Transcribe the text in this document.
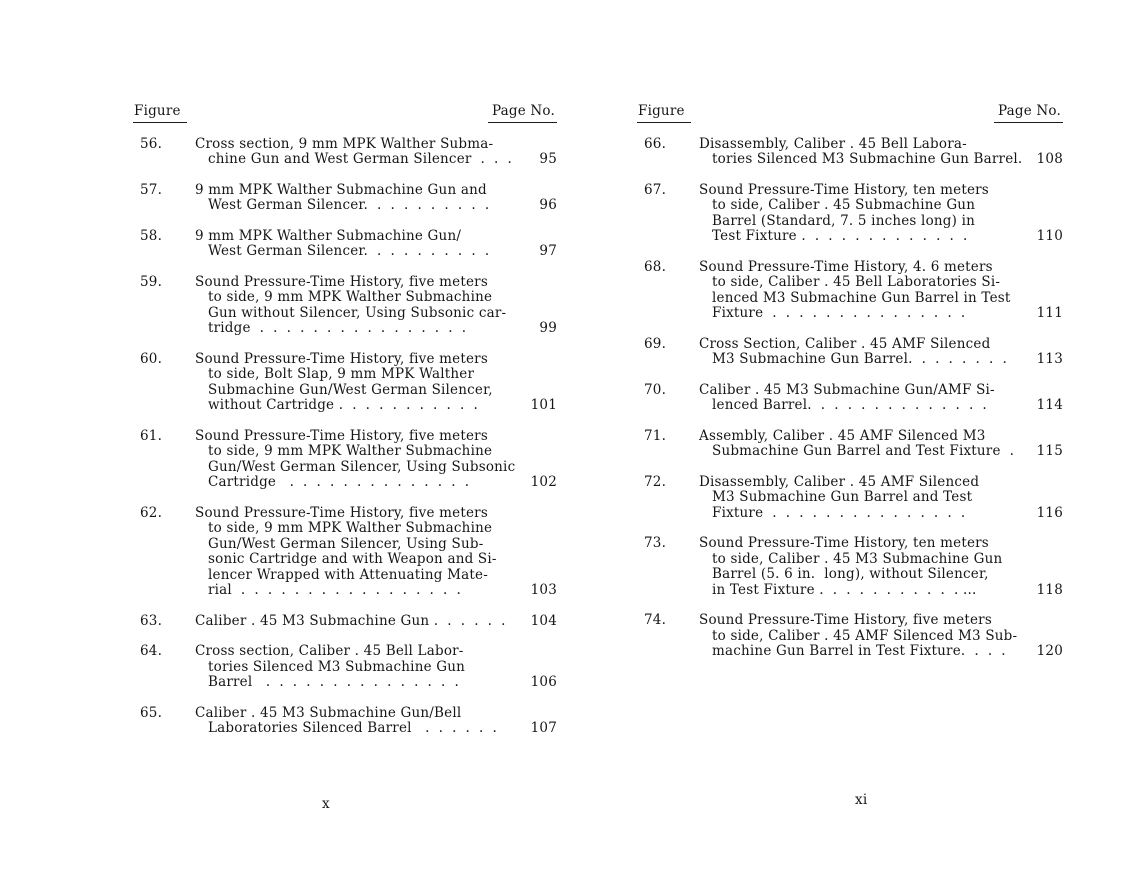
Figure	Page No.
56.	Cross section, 9 mm MPK Walther Subma-
chine Gun and West German Silencer  .  .  .	95
57.	9 mm MPK Walther Submachine Gun and
West German Silencer.  .  .  .  .  .  .  .  .  .	96
58.	9 mm MPK Walther Submachine Gun/
West German Silencer.  .  .  .  .  .  .  .  .  .	97
59.	Sound Pressure-Time History, five meters
to side, 9 mm MPK Walther Submachine
Gun without Silencer, Using Subsonic car-
tridge  .  .  .  .  .  .  .  .  .  .  .  .  .  .  .  .	99
60.	Sound Pressure-Time History, five meters
to side, Bolt Slap, 9 mm MPK Walther
Submachine Gun/West German Silencer,
without Cartridge .  .  .  .  .  .  .  .  .  .  .	101
61.	Sound Pressure-Time History, five meters
to side, 9 mm MPK Walther Submachine
Gun/West German Silencer, Using Subsonic
Cartridge   .  .  .  .  .  .  .  .  .  .  .  .  .  .	102
62.	Sound Pressure-Time History, five meters
to side, 9 mm MPK Walther Submachine
Gun/West German Silencer, Using Sub-
sonic Cartridge and with Weapon and Si-
lencer Wrapped with Attenuating Mate-
rial  .  .  .  .  .  .  .  .  .  .  .  .  .  .  .  .  .	103
63.	Caliber . 45 M3 Submachine Gun .  .  .  .  .  .	104
64.	Cross section, Caliber . 45 Bell Labor-
tories Silenced M3 Submachine Gun
Barrel   .  .  .  .  .  .  .  .  .  .  .  .  .  .  .	106
65.	Caliber . 45 M3 Submachine Gun/Bell
Laboratories Silenced Barrel   .  .  .  .  .  .	107
Figure	Page No.
66.	Disassembly, Caliber . 45 Bell Labora-
tories Silenced M3 Submachine Gun Barrel.	108
67.	Sound Pressure-Time History, ten meters
to side, Caliber . 45 Submachine Gun
Barrel (Standard, 7. 5 inches long) in
Test Fixture .  .  .  .  .  .  .  .  .  .  .  .  .	110
68.	Sound Pressure-Time History, 4. 6 meters
to side, Caliber . 45 Bell Laboratories Si-
lenced M3 Submachine Gun Barrel in Test
Fixture  .  .  .  .  .  .  .  .  .  .  .  .  .  .  .	111
69.	Cross Section, Caliber . 45 AMF Silenced
M3 Submachine Gun Barrel.  .  .  .  .  .  .  .	113
70.	Caliber . 45 M3 Submachine Gun/AMF Si-
lenced Barrel.  .  .  .  .  .  .  .  .  .  .  .  .  .	114
71.	Assembly, Caliber . 45 AMF Silenced M3
Submachine Gun Barrel and Test Fixture  .	115
72.	Disassembly, Caliber . 45 AMF Silenced
M3 Submachine Gun Barrel and Test
Fixture  .  .  .  .  .  .  .  .  .  .  .  .  .  .  .	116
73.	Sound Pressure-Time History, ten meters
to side, Caliber . 45 M3 Submachine Gun
Barrel (5. 6 in.  long), without Silencer,
in Test Fixture .  .  .  .  .  .  .  .  .  .  . ...	118
74.	Sound Pressure-Time History, five meters
to side, Caliber . 45 AMF Silenced M3 Sub-
machine Gun Barrel in Test Fixture.  .  .  .	120
x	xi
